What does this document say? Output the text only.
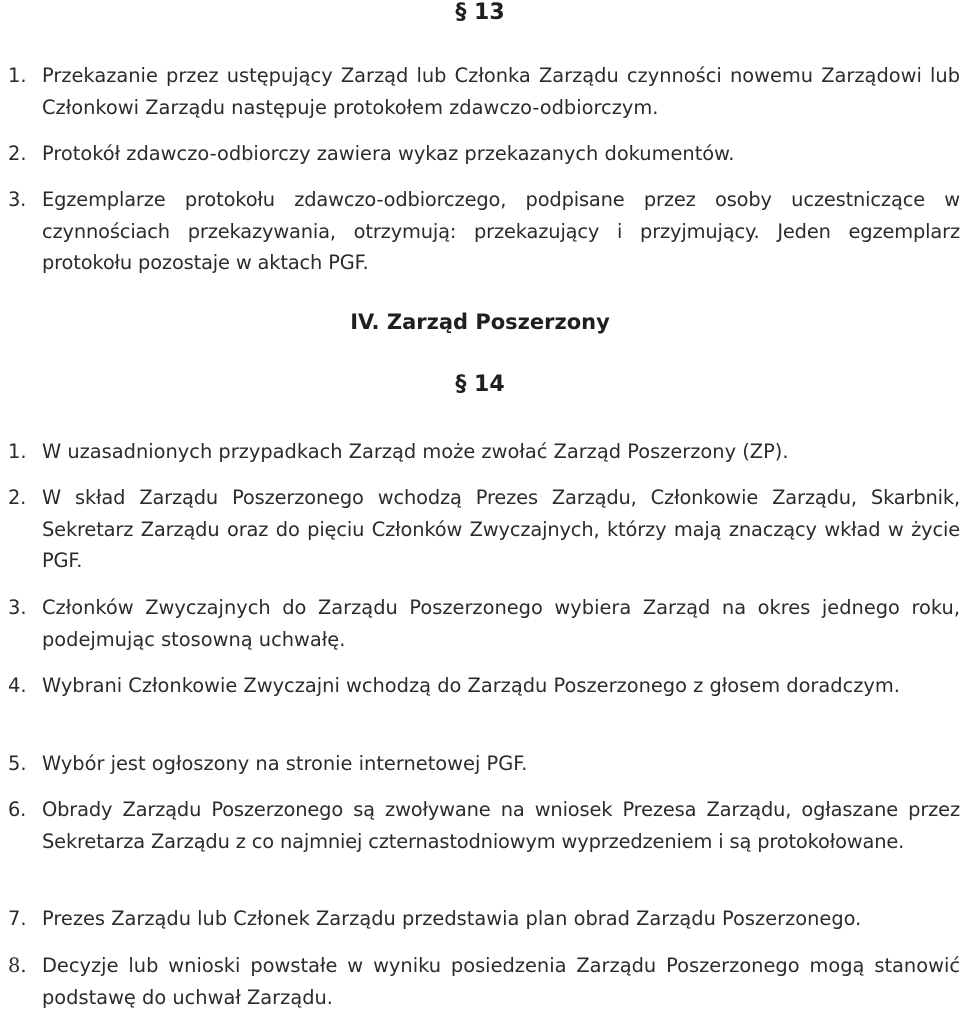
§ 13
1. Przekazanie przez ustępujący Zarząd lub Członka Zarządu czynności nowemu Zarządowi lub Członkowi Zarządu następuje protokołem zdawczo-odbiorczym.
2. Protokół zdawczo-odbiorczy zawiera wykaz przekazanych dokumentów.
3. Egzemplarze protokołu zdawczo-odbiorczego, podpisane przez osoby uczestniczące w czynnościach przekazywania, otrzymują: przekazujący i przyjmujący. Jeden egzemplarz protokołu pozostaje w aktach PGF.
IV. Zarząd Poszerzony
§ 14
1. W uzasadnionych przypadkach Zarząd może zwołać Zarząd Poszerzony (ZP).
2. W skład Zarządu Poszerzonego wchodzą Prezes Zarządu, Członkowie Zarządu, Skarbnik, Sekretarz Zarządu oraz do pięciu Członków Zwyczajnych, którzy mają znaczący wkład w życie PGF.
3. Członków Zwyczajnych do Zarządu Poszerzonego wybiera Zarząd na okres jednego roku, podejmując stosowną uchwałę.
4. Wybrani Członkowie Zwyczajni wchodzą do Zarządu Poszerzonego z głosem doradczym.
5. Wybór jest ogłoszony na stronie internetowej PGF.
6. Obrady Zarządu Poszerzonego są zwoływane na wniosek Prezesa Zarządu, ogłaszane przez Sekretarza Zarządu z co najmniej czternastodniowym wyprzedzeniem i są protokołowane.
7. Prezes Zarządu lub Członek Zarządu przedstawia plan obrad Zarządu Poszerzonego.
8. Decyzje lub wnioski powstałe w wyniku posiedzenia Zarządu Poszerzonego mogą stanowić podstawę do uchwał Zarządu.
